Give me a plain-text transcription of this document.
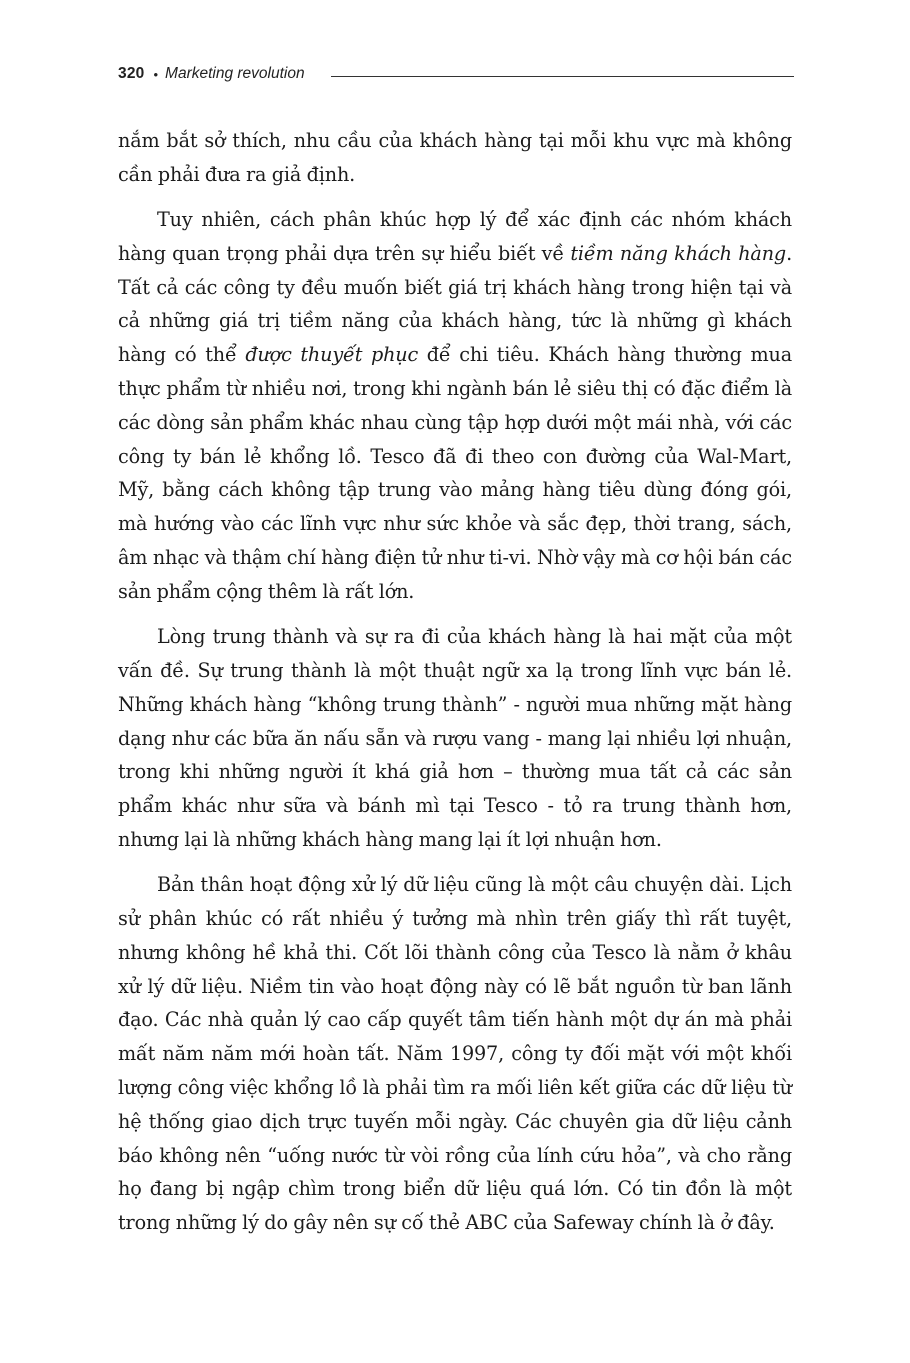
320 • Marketing revolution

nắm bắt sở thích, nhu cầu của khách hàng tại mỗi khu vực mà không cần phải đưa ra giả định.

Tuy nhiên, cách phân khúc hợp lý để xác định các nhóm khách hàng quan trọng phải dựa trên sự hiểu biết về tiềm năng khách hàng. Tất cả các công ty đều muốn biết giá trị khách hàng trong hiện tại và cả những giá trị tiềm năng của khách hàng, tức là những gì khách hàng có thể được thuyết phục để chi tiêu. Khách hàng thường mua thực phẩm từ nhiều nơi, trong khi ngành bán lẻ siêu thị có đặc điểm là các dòng sản phẩm khác nhau cùng tập hợp dưới một mái nhà, với các công ty bán lẻ khổng lồ. Tesco đã đi theo con đường của Wal-Mart, Mỹ, bằng cách không tập trung vào mảng hàng tiêu dùng đóng gói, mà hướng vào các lĩnh vực như sức khỏe và sắc đẹp, thời trang, sách, âm nhạc và thậm chí hàng điện tử như ti-vi. Nhờ vậy mà cơ hội bán các sản phẩm cộng thêm là rất lớn.

Lòng trung thành và sự ra đi của khách hàng là hai mặt của một vấn đề. Sự trung thành là một thuật ngữ xa lạ trong lĩnh vực bán lẻ. Những khách hàng “không trung thành” - người mua những mặt hàng dạng như các bữa ăn nấu sẵn và rượu vang - mang lại nhiều lợi nhuận, trong khi những người ít khá giả hơn – thường mua tất cả các sản phẩm khác như sữa và bánh mì tại Tesco - tỏ ra trung thành hơn, nhưng lại là những khách hàng mang lại ít lợi nhuận hơn.

Bản thân hoạt động xử lý dữ liệu cũng là một câu chuyện dài. Lịch sử phân khúc có rất nhiều ý tưởng mà nhìn trên giấy thì rất tuyệt, nhưng không hề khả thi. Cốt lõi thành công của Tesco là nằm ở khâu xử lý dữ liệu. Niềm tin vào hoạt động này có lẽ bắt nguồn từ ban lãnh đạo. Các nhà quản lý cao cấp quyết tâm tiến hành một dự án mà phải mất năm năm mới hoàn tất. Năm 1997, công ty đối mặt với một khối lượng công việc khổng lồ là phải tìm ra mối liên kết giữa các dữ liệu từ hệ thống giao dịch trực tuyến mỗi ngày. Các chuyên gia dữ liệu cảnh báo không nên “uống nước từ vòi rồng của lính cứu hỏa”, và cho rằng họ đang bị ngập chìm trong biển dữ liệu quá lớn. Có tin đồn là một trong những lý do gây nên sự cố thẻ ABC của Safeway chính là ở đây.
